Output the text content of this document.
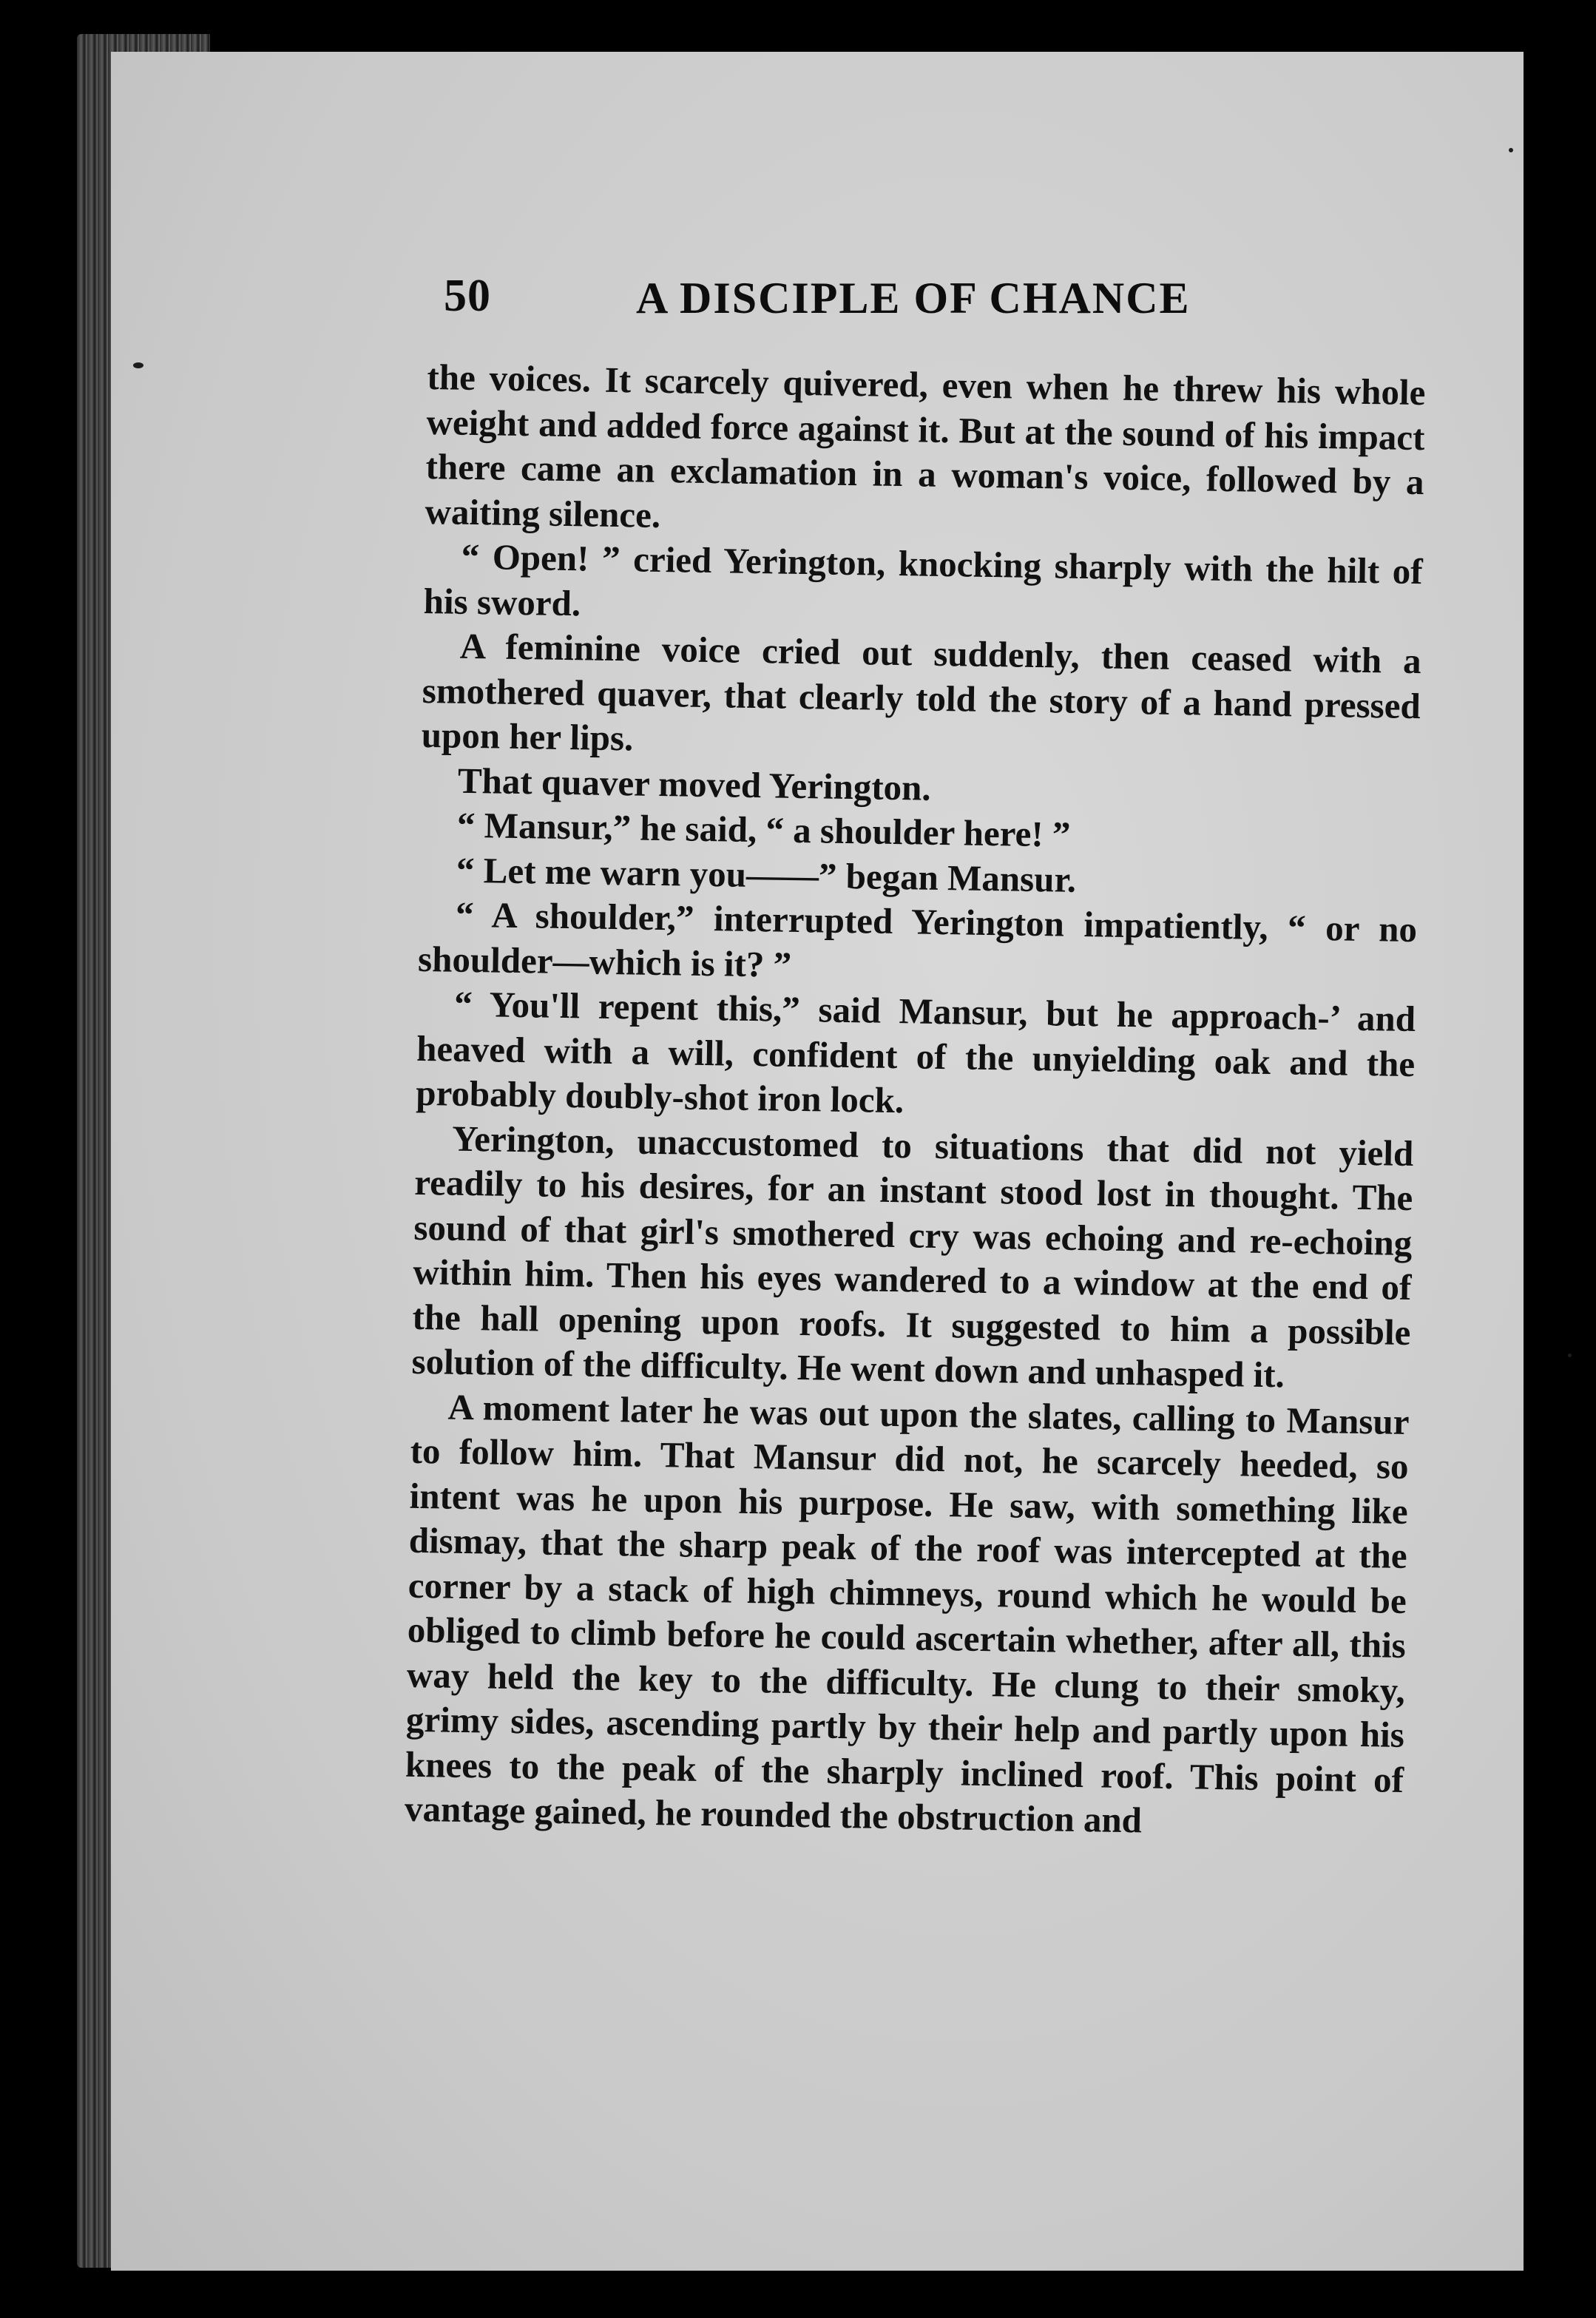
50	A DISCIPLE OF CHANCE

the voices. It scarcely quivered, even when he threw his whole weight and added force against it. But at the sound of his impact there came an exclamation in a woman's voice, followed by a waiting silence.

“ Open! ” cried Yerington, knocking sharply with the hilt of his sword.

A feminine voice cried out suddenly, then ceased with a smothered quaver, that clearly told the story of a hand pressed upon her lips.

That quaver moved Yerington.

“ Mansur,” he said, “ a shoulder here! ”

“ Let me warn you——” began Mansur.

“ A shoulder,” interrupted Yerington impatiently, “ or no shoulder—which is it? ”

“ You'll repent this,” said Mansur, but he approach-’ and heaved with a will, confident of the unyielding oak and the probably doubly-shot iron lock.

Yerington, unaccustomed to situations that did not yield readily to his desires, for an instant stood lost in thought. The sound of that girl's smothered cry was echoing and re-echoing within him. Then his eyes wandered to a window at the end of the hall opening upon roofs. It suggested to him a possible solution of the difficulty. He went down and unhasped it.

A moment later he was out upon the slates, calling to Mansur to follow him. That Mansur did not, he scarcely heeded, so intent was he upon his purpose. He saw, with something like dismay, that the sharp peak of the roof was intercepted at the corner by a stack of high chimneys, round which he would be obliged to climb before he could ascertain whether, after all, this way held the key to the difficulty. He clung to their smoky, grimy sides, ascending partly by their help and partly upon his knees to the peak of the sharply inclined roof. This point of vantage gained, he rounded the obstruction and
